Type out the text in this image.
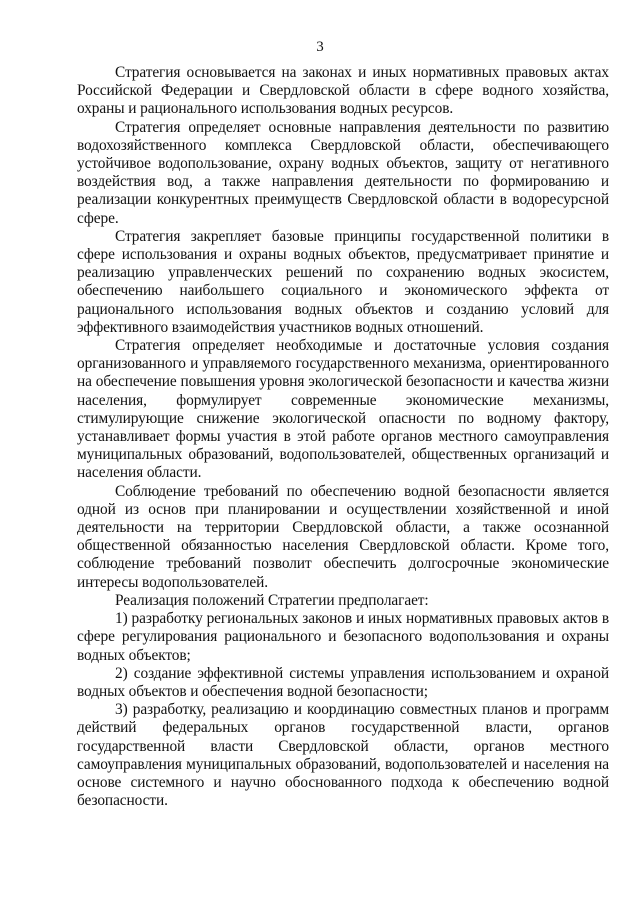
3

Стратегия основывается на законах и иных нормативных правовых актах Российской Федерации и Свердловской области в сфере водного хозяйства, охраны и рационального использования водных ресурсов.

Стратегия определяет основные направления деятельности по развитию водохозяйственного комплекса Свердловской области, обеспечивающего устойчивое водопользование, охрану водных объектов, защиту от негативного воздействия вод, а также направления деятельности по формированию и реализации конкурентных преимуществ Свердловской области в водоресурсной сфере.

Стратегия закрепляет базовые принципы государственной политики в сфере использования и охраны водных объектов, предусматривает принятие и реализацию управленческих решений по сохранению водных экосистем, обеспечению наибольшего социального и экономического эффекта от рационального использования водных объектов и созданию условий для эффективного взаимодействия участников водных отношений.

Стратегия определяет необходимые и достаточные условия создания организованного и управляемого государственного механизма, ориентированного на обеспечение повышения уровня экологической безопасности и качества жизни населения, формулирует современные экономические механизмы, стимулирующие снижение экологической опасности по водному фактору, устанавливает формы участия в этой работе органов местного самоуправления муниципальных образований, водопользователей, общественных организаций и населения области.

Соблюдение требований по обеспечению водной безопасности является одной из основ при планировании и осуществлении хозяйственной и иной деятельности на территории Свердловской области, а также осознанной общественной обязанностью населения Свердловской области. Кроме того, соблюдение требований позволит обеспечить долгосрочные экономические интересы водопользователей.

Реализация положений Стратегии предполагает:

1) разработку региональных законов и иных нормативных правовых актов в сфере регулирования рационального и безопасного водопользования и охраны водных объектов;

2) создание эффективной системы управления использованием и охраной водных объектов и обеспечения водной безопасности;

3) разработку, реализацию и координацию совместных планов и программ действий федеральных органов государственной власти, органов государственной власти Свердловской области, органов местного самоуправления муниципальных образований, водопользователей и населения на основе системного и научно обоснованного подхода к обеспечению водной безопасности.
